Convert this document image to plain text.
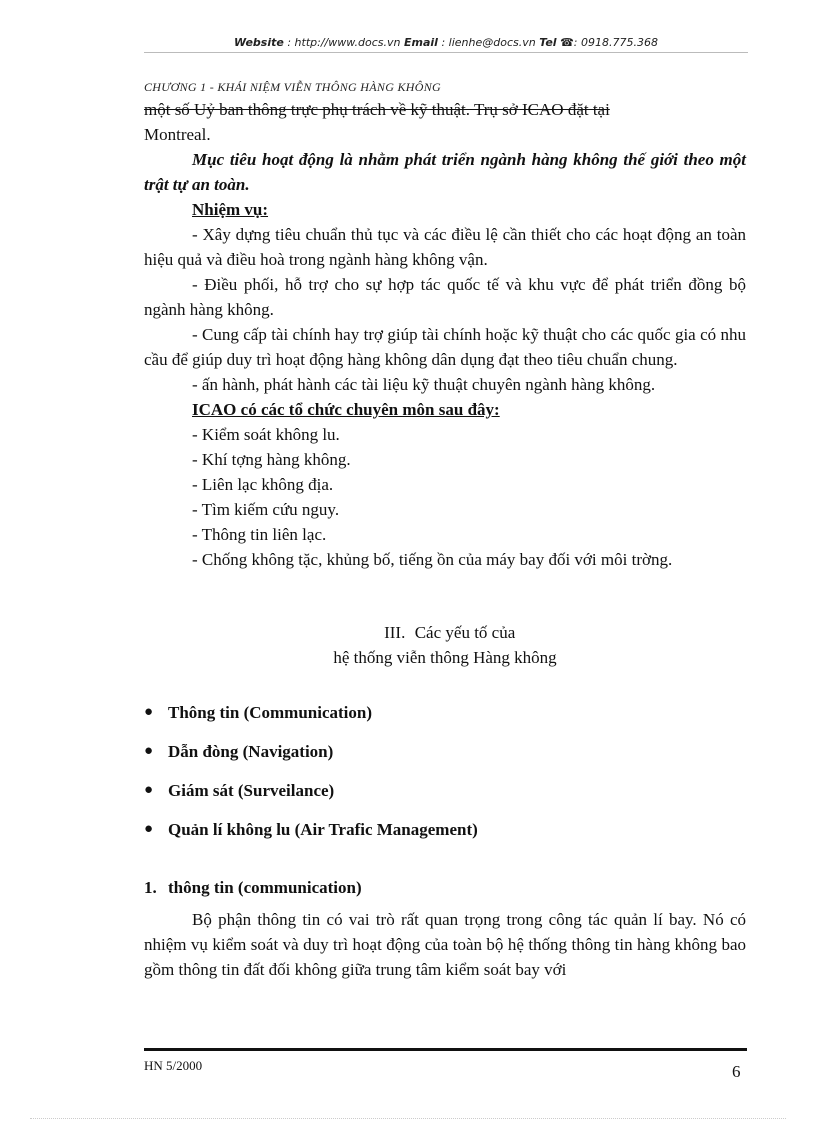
Website : http://www.docs.vn Email : lienhe@docs.vn Tel ☎: 0918.775.368
CHƯƠNG 1 - KHÁI NIỆM VIỄN THÔNG HÀNG KHÔNG

một số Uỷ ban thông trực phụ trách về kỹ thuật. Trụ sở ICAO đặt tại

Montreal.

Mục tiêu hoạt động là nhằm phát triển ngành hàng không thế giới theo một trật tự an toàn.

Nhiệm vụ:

- Xây dựng tiêu chuẩn thủ tục và các điều lệ cần thiết cho các hoạt động an toàn hiệu quả và điều hoà trong ngành hàng không vận.

- Điều phối, hỗ trợ cho sự hợp tác quốc tế và khu vực để phát triển đồng bộ ngành hàng không.

- Cung cấp tài chính hay trợ giúp tài chính hoặc kỹ thuật cho các quốc gia có nhu cầu để giúp duy trì hoạt động hàng không dân dụng đạt theo tiêu chuẩn chung.

- ấn hành, phát hành các tài liệu kỹ thuật chuyên ngành hàng không.

ICAO có các tổ chức chuyên môn sau đây:

- Kiểm soát không lu.

- Khí tợng hàng không.

- Liên lạc không địa.

- Tìm kiếm cứu nguy.

- Thông tin liên lạc.

- Chống không tặc, khủng bố, tiếng ồn của máy bay đối với môi trờng.

III. Các yếu tố của
hệ thống viễn thông Hàng không
● Thông tin (Communication)
● Dẫn đòng (Navigation)
● Giám sát (Surveilance)
● Quản lí không lu (Air Trafic Management)
1. thông tin (communication)

Bộ phận thông tin có vai trò rất quan trọng trong công tác quản lí bay. Nó có nhiệm vụ kiểm soát và duy trì hoạt động của toàn bộ hệ thống thông tin hàng không bao gồm thông tin đất đối không giữa trung tâm kiểm soát bay với

HN 5/2000	6
